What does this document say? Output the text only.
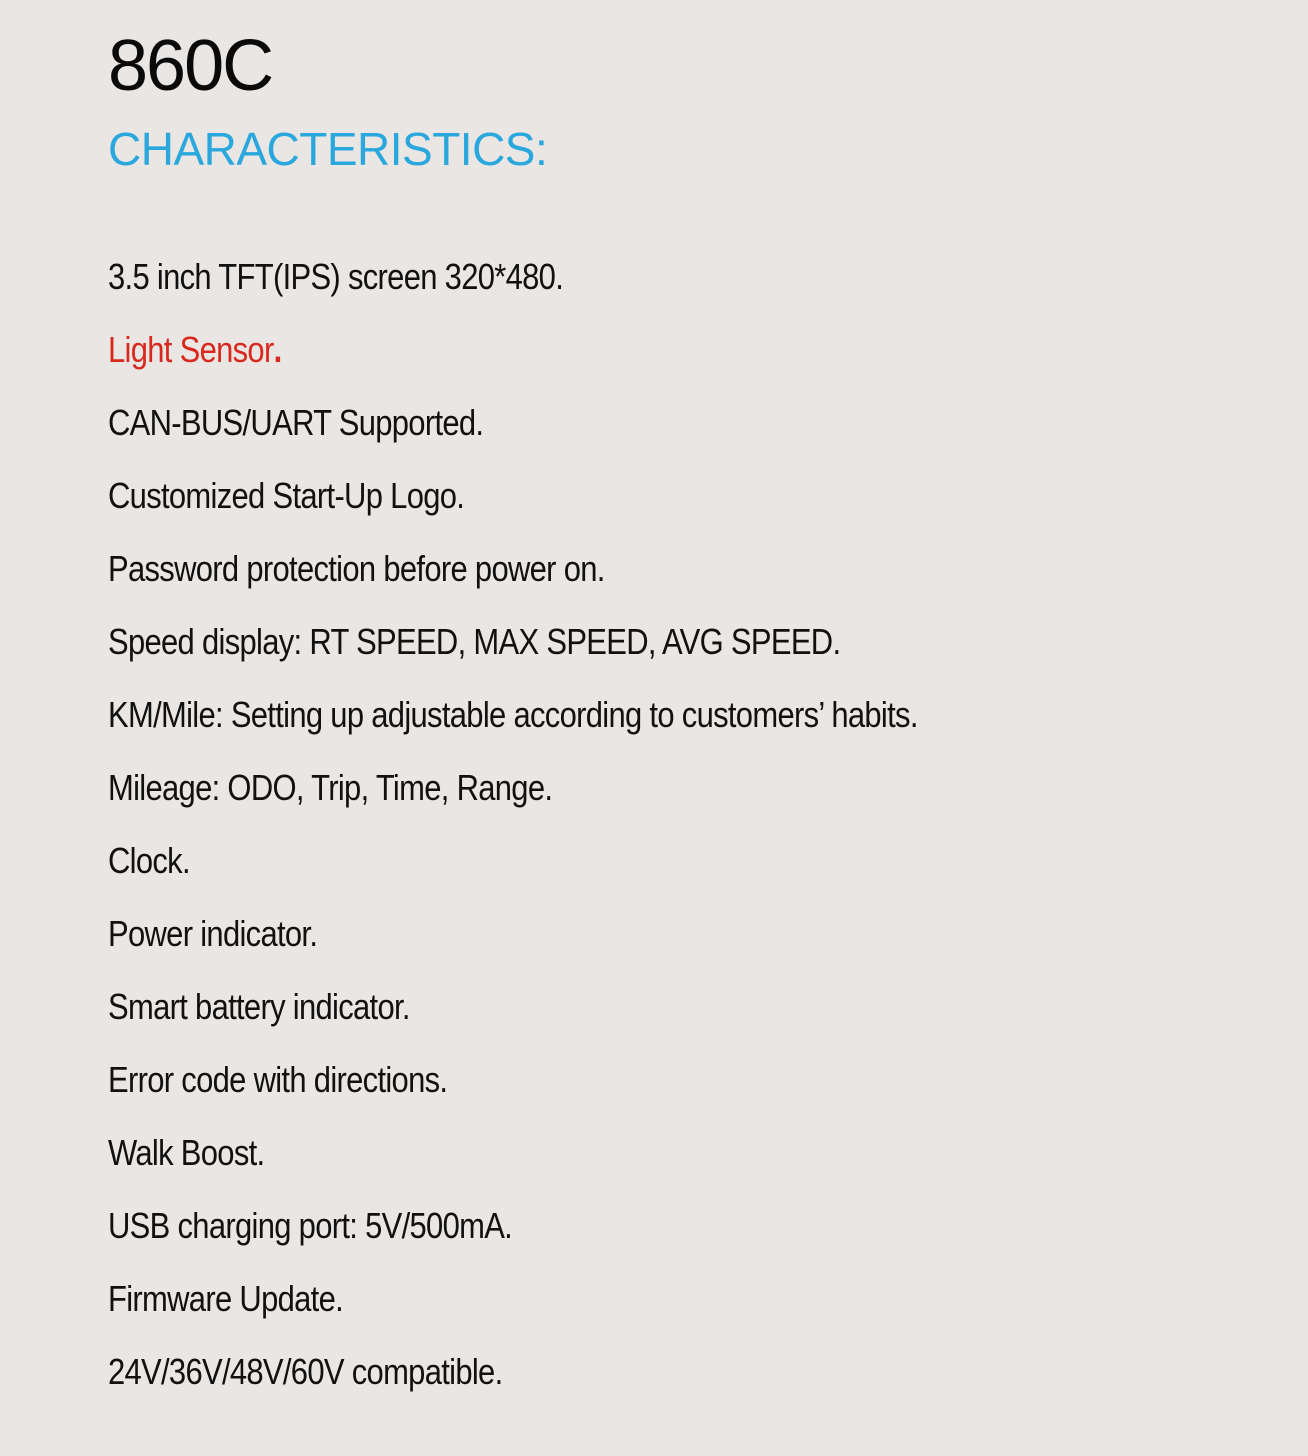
860C
CHARACTERISTICS:
3.5 inch TFT(IPS) screen 320*480.
Light Sensor .
CAN-BUS/UART Supported.
Customized Start-Up Logo.
Password protection before power on.
Speed display: RT SPEED, MAX SPEED, AVG SPEED.
KM/Mile: Setting up adjustable according to customers’ habits.
Mileage: ODO, Trip, Time, Range.
Clock.
Power indicator.
Smart battery indicator.
Error code with directions.
Walk Boost.
USB charging port: 5V/500mA.
Firmware Update.
24V/36V/48V/60V compatible.
